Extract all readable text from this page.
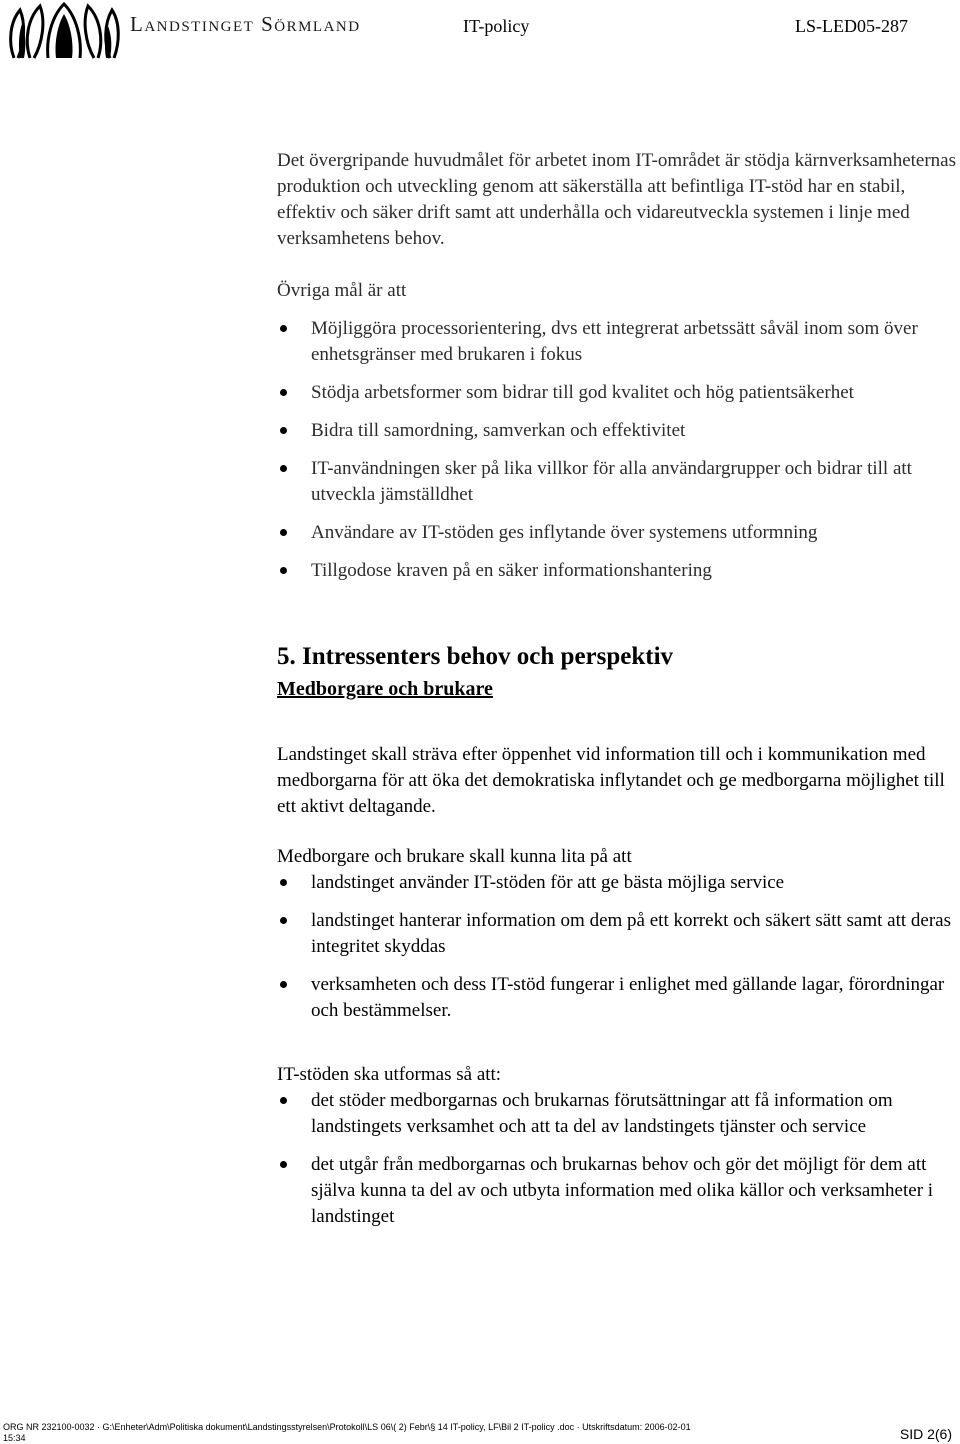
Landstinget Sörmland	IT-policy	LS-LED05-287

Det övergripande huvudmålet för arbetet inom IT-området är stödja kärnverksamheternas produktion och utveckling genom att säkerställa att befintliga IT-stöd har en stabil, effektiv och säker drift samt att underhålla och vidareutveckla systemen i linje med verksamhetens behov.

Övriga mål är att

Möjliggöra processorientering, dvs ett integrerat arbetssätt såväl inom som över enhetsgränser med brukaren i fokus
Stödja arbetsformer som bidrar till god kvalitet och hög patientsäkerhet
Bidra till samordning, samverkan och effektivitet
IT-användningen sker på lika villkor för alla användargrupper och bidrar till att utveckla jämställdhet
Användare av IT-stöden ges inflytande över systemens utformning
Tillgodose kraven på en säker informationshantering
5. Intressenters behov och perspektiv
Medborgare och brukare

Landstinget skall sträva efter öppenhet vid information till och i kommunikation med medborgarna för att öka det demokratiska inflytandet och ge medborgarna möjlighet till ett aktivt deltagande.

Medborgare och brukare skall kunna lita på att

landstinget använder IT-stöden för att ge bästa möjliga service
landstinget hanterar information om dem på ett korrekt och säkert sätt samt att deras integritet skyddas
verksamheten och dess IT-stöd fungerar i enlighet med gällande lagar, förordningar och bestämmelser.

IT-stöden ska utformas så att:

det stöder medborgarnas och brukarnas förutsättningar att få information om landstingets verksamhet och att ta del av landstingets tjänster och service
det utgår från medborgarnas och brukarnas behov och gör det möjligt för dem att själva kunna ta del av och utbyta information med olika källor och verksamheter i landstinget
ORG NR 232100-0032 · G:\Enheter\Adm\Politiska dokument\Landstingsstyrelsen\Protokoll\LS 06\( 2) Febr\§ 14 IT-policy, LF\Bil 2 IT-policy .doc · Utskriftsdatum: 2006-02-01 15:34	SID 2(6)
